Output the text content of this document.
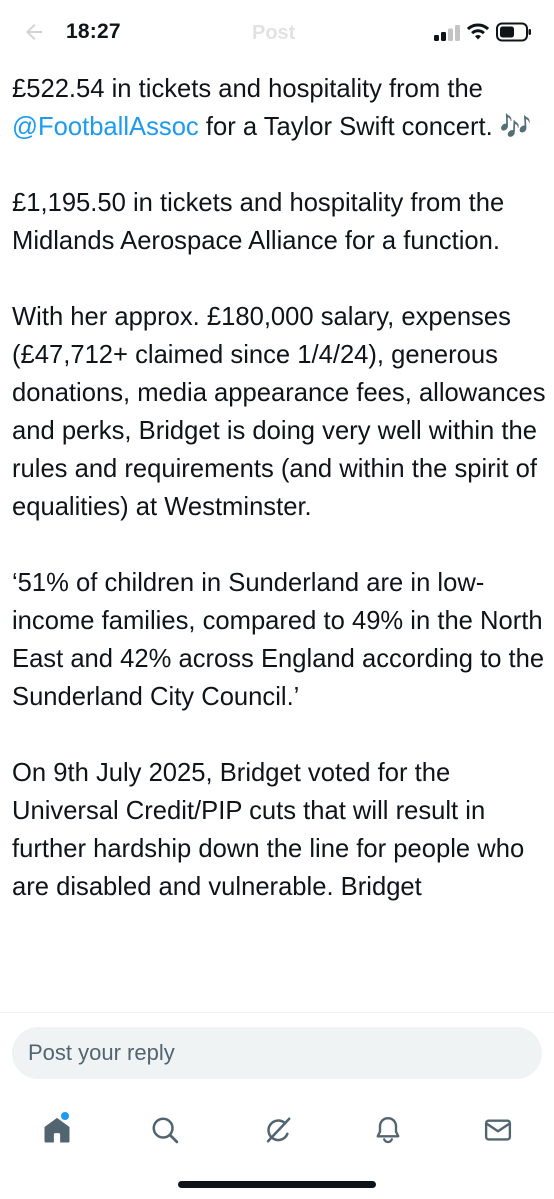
18:27	Post

£522.54 in tickets and hospitality from the @FootballAssoc for a Taylor Swift concert. 🎶

£1,195.50 in tickets and hospitality from the Midlands Aerospace Alliance for a function.

With her approx. £180,000 salary, expenses (£47,712+ claimed since 1/4/24), generous donations, media appearance fees, allowances and perks, Bridget is doing very well within the rules and requirements (and within the spirit of equalities) at Westminster.

‘51% of children in Sunderland are in low-income families, compared to 49% in the North East and 42% across England according to the Sunderland City Council.’

On 9th July 2025, Bridget voted for the Universal Credit/PIP cuts that will result in further hardship down the line for people who are disabled and vulnerable. Bridget

Post your reply
